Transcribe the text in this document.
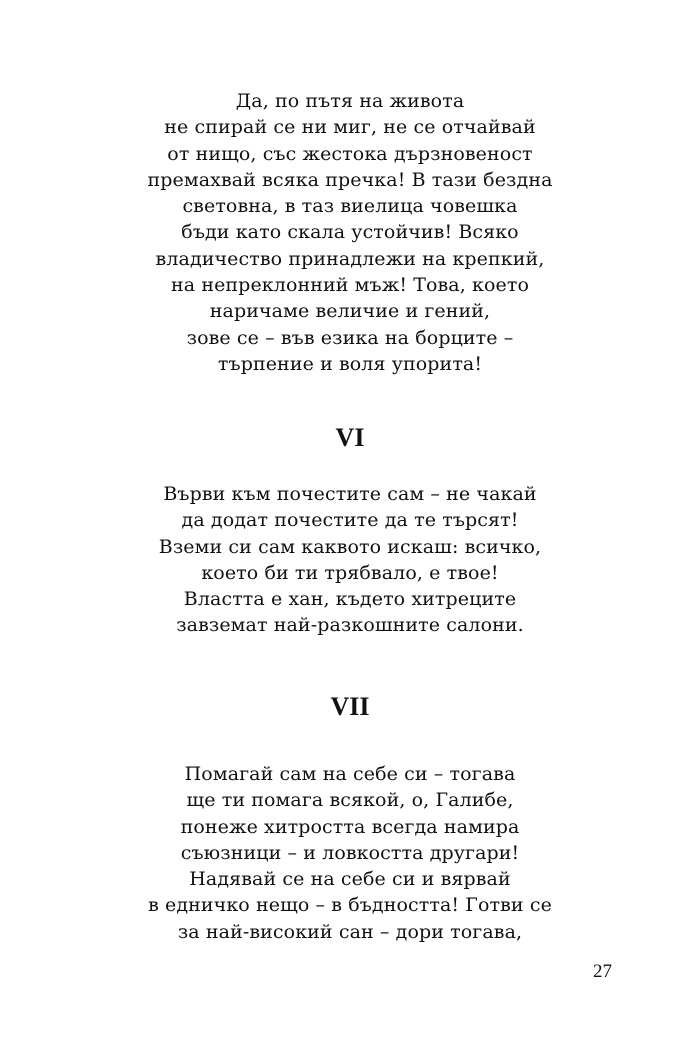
Да, по пътя на живота
не спирай се ни миг, не се отчайвай
от нищо, със жестока дързновеност
премахвай всяка пречка! В тази бездна
световна, в таз виелица човешка
бъди като скала устойчив! Всяко
владичество принадлежи на крепкий,
на непреклонний мъж! Това, което
наричаме величие и гений,
зове се – във езика на борците –
търпение и воля упорита!
VI
Върви към почестите сам – не чакай
да додат почестите да те търсят!
Вземи си сам каквото искаш: всичко,
което би ти трябвало, е твое!
Властта е хан, където хитреците
завземат най-разкошните салони.
VII
Помагай сам на себе си – тогава
ще ти помага всякой, о, Галибе,
понеже хитростта всегда намира
съюзници – и ловкостта другари!
Надявай се на себе си и вярвай
в едничко нещо – в бъдността! Готви се
за най-високий сан – дори тогава,
27
